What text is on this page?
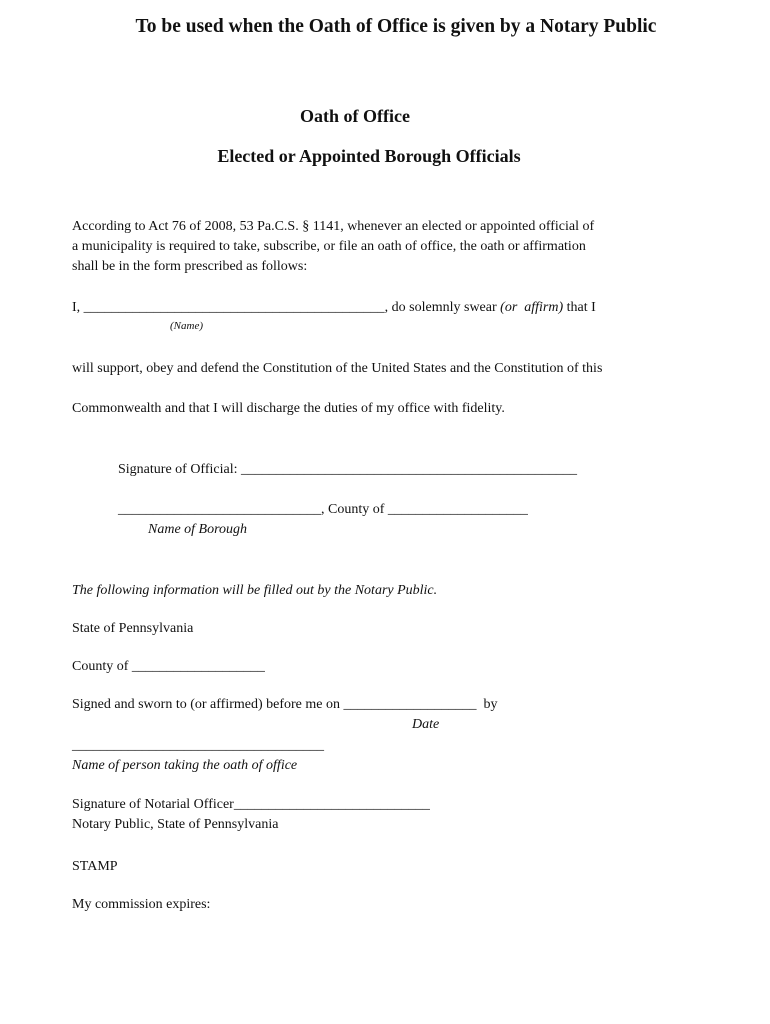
To be used when the Oath of Office is given by a Notary Public
Oath of Office
Elected or Appointed Borough Officials
According to Act 76 of 2008, 53 Pa.C.S. § 1141, whenever an elected or appointed official of
a municipality is required to take, subscribe, or file an oath of office, the oath or affirmation
shall be in the form prescribed as follows:
I, ___________________________________________, do solemnly swear (or  affirm) that I
(Name)
will support, obey and defend the Constitution of the United States and the Constitution of this
Commonwealth and that I will discharge the duties of my office with fidelity.
Signature of Official: ________________________________________________
_____________________________, County of ____________________
Name of Borough
The following information will be filled out by the Notary Public.
State of Pennsylvania
County of ___________________
Signed and sworn to (or affirmed) before me on ___________________  by
Date
____________________________________
Name of person taking the oath of office
Signature of Notarial Officer____________________________
Notary Public, State of Pennsylvania
STAMP
My commission expires:
